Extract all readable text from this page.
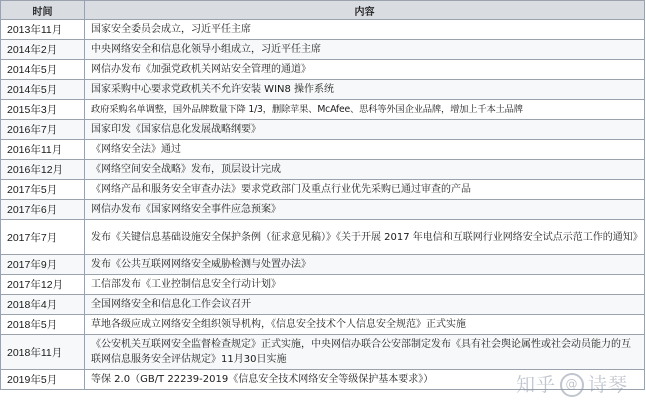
时间	内容
2013年11月	国家安全委员会成立，习近平任主席
2014年2月	中央网络安全和信息化领导小组成立，习近平任主席
2014年5月	网信办发布《加强党政机关网站安全管理的通道》
2014年5月	国家采购中心要求党政机关不允许安装 WIN8 操作系统
2015年3月	政府采购名单调整，国外品牌数量下降 1/3，删除苹果、McAfee、思科等外国企业品牌，增加上千本土品牌
2016年7月	国家印发《国家信息化发展战略纲要》
2016年11月	《网络安全法》通过
2016年12月	《网络空间安全战略》发布，顶层设计完成
2017年5月	《网络产品和服务安全审查办法》要求党政部门及重点行业优先采购已通过审查的产品
2017年6月	网信办发布《国家网络安全事件应急预案》
2017年7月	发布《关键信息基础设施安全保护条例（征求意见稿）》《关于开展 2017 年电信和互联网行业网络安全试点示范工作的通知》
2017年9月	发布《公共互联网网络安全威胁检测与处置办法》
2017年12月	工信部发布《工业控制信息安全行动计划》
2018年4月	全国网络安全和信息化工作会议召开
2018年5月	草地各级应成立网络安全组织领导机构，《信息安全技术个人信息安全规范》正式实施
2018年11月	《公安机关互联网安全监督检查规定》正式实施，中央网信办联合公安部制定发布《具有社会舆论属性或社会动员能力的互联网信息服务安全评估规定》11月30日实施
2019年5月	等保 2.0（GB/T 22239-2019《信息安全技术网络安全等级保护基本要求》）	知乎 @ 诗琴
